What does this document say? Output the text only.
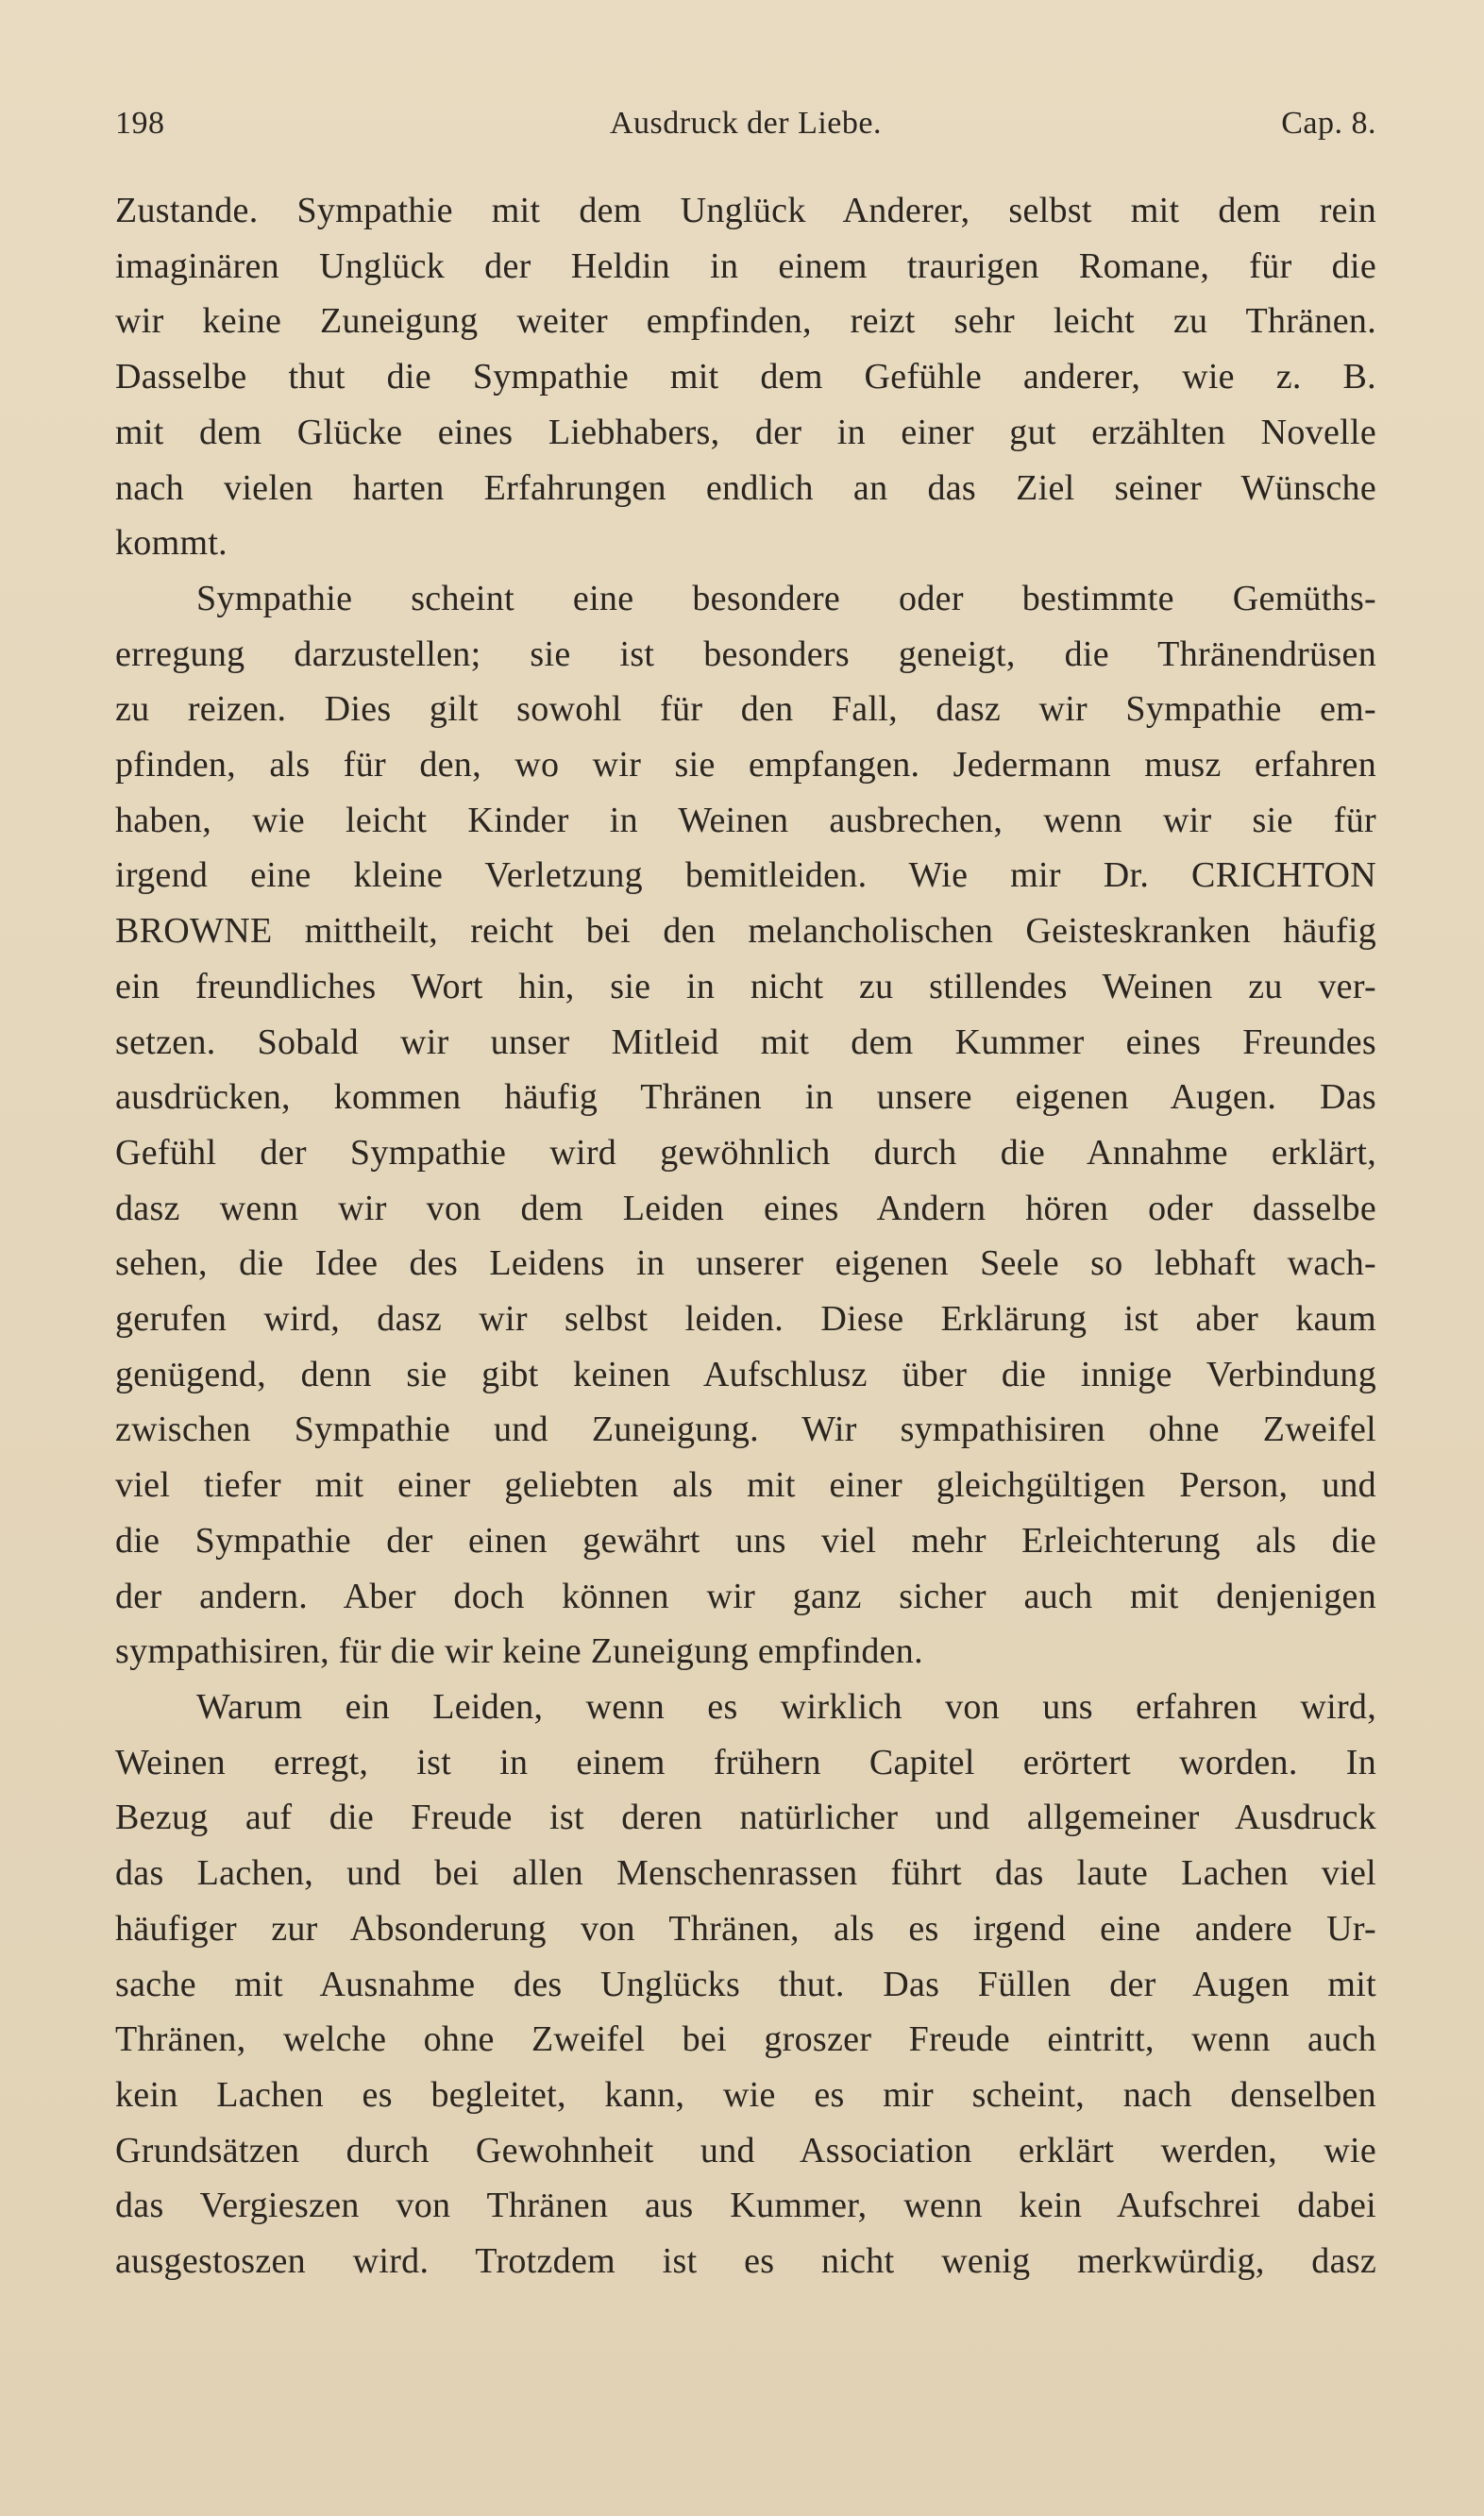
198	Ausdruck der Liebe.	Cap. 8.
Zustande. Sympathie mit dem Unglück Anderer, selbst mit dem rein
imaginären Unglück der Heldin in einem traurigen Romane, für die
wir keine Zuneigung weiter empfinden, reizt sehr leicht zu Thränen.
Dasselbe thut die Sympathie mit dem Gefühle anderer, wie z. B.
mit dem Glücke eines Liebhabers, der in einer gut erzählten Novelle
nach vielen harten Erfahrungen endlich an das Ziel seiner Wünsche
kommt.
Sympathie scheint eine besondere oder bestimmte Gemüths-
erregung darzustellen; sie ist besonders geneigt, die Thränendrüsen
zu reizen. Dies gilt sowohl für den Fall, dasz wir Sympathie em-
pfinden, als für den, wo wir sie empfangen. Jedermann musz erfahren
haben, wie leicht Kinder in Weinen ausbrechen, wenn wir sie für
irgend eine kleine Verletzung bemitleiden. Wie mir Dr. CRICHTON
BROWNE mittheilt, reicht bei den melancholischen Geisteskranken häufig
ein freundliches Wort hin, sie in nicht zu stillendes Weinen zu ver-
setzen. Sobald wir unser Mitleid mit dem Kummer eines Freundes
ausdrücken, kommen häufig Thränen in unsere eigenen Augen. Das
Gefühl der Sympathie wird gewöhnlich durch die Annahme erklärt,
dasz wenn wir von dem Leiden eines Andern hören oder dasselbe
sehen, die Idee des Leidens in unserer eigenen Seele so lebhaft wach-
gerufen wird, dasz wir selbst leiden. Diese Erklärung ist aber kaum
genügend, denn sie gibt keinen Aufschlusz über die innige Verbindung
zwischen Sympathie und Zuneigung. Wir sympathisiren ohne Zweifel
viel tiefer mit einer geliebten als mit einer gleichgültigen Person, und
die Sympathie der einen gewährt uns viel mehr Erleichterung als die
der andern. Aber doch können wir ganz sicher auch mit denjenigen
sympathisiren, für die wir keine Zuneigung empfinden.
Warum ein Leiden, wenn es wirklich von uns erfahren wird,
Weinen erregt, ist in einem frühern Capitel erörtert worden. In
Bezug auf die Freude ist deren natürlicher und allgemeiner Ausdruck
das Lachen, und bei allen Menschenrassen führt das laute Lachen viel
häufiger zur Absonderung von Thränen, als es irgend eine andere Ur-
sache mit Ausnahme des Unglücks thut. Das Füllen der Augen mit
Thränen, welche ohne Zweifel bei groszer Freude eintritt, wenn auch
kein Lachen es begleitet, kann, wie es mir scheint, nach denselben
Grundsätzen durch Gewohnheit und Association erklärt werden, wie
das Vergieszen von Thränen aus Kummer, wenn kein Aufschrei dabei
ausgestoszen wird. Trotzdem ist es nicht wenig merkwürdig, dasz
